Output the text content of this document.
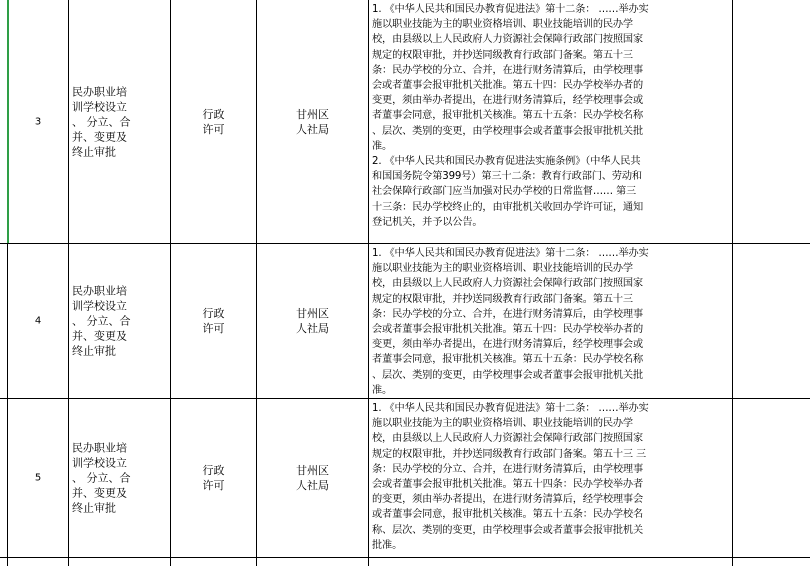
3
民办职业培
训学校设立
、 分立、合
并、变更及
终止审批
行政
许可
甘州区
人社局
1. 《中华人民共和国民办教育促进法》第十二条： ……举办实
施以职业技能为主的职业资格培训、职业技能培训的民办学
校，由县级以上人民政府人力资源社会保障行政部门按照国家
规定的权限审批，并抄送同级教育行政部门备案。第五十三
条：民办学校的分立、合并，在进行财务清算后，由学校理事
会或者董事会报审批机关批准。第五十四：民办学校举办者的
变更，须由举办者提出，在进行财务清算后，经学校理事会或
者董事会同意，报审批机关核准。第五十五条：民办学校名称
、层次、类别的变更，由学校理事会或者董事会报审批机关批
准。
2. 《中华人民共和国民办教育促进法实施条例》（中华人民共
和国国务院令第399号）第三十二条：教育行政部门、劳动和
社会保障行政部门应当加强对民办学校的日常监督…… 第三
十三条：民办学校终止的，由审批机关收回办学许可证，通知
登记机关，并予以公告。
4
民办职业培
训学校设立
、 分立、合
并、变更及
终止审批
行政
许可
甘州区
人社局
1. 《中华人民共和国民办教育促进法》第十二条： ……举办实
施以职业技能为主的职业资格培训、职业技能培训的民办学
校，由县级以上人民政府人力资源社会保障行政部门按照国家
规定的权限审批，并抄送同级教育行政部门备案。第五十三
条：民办学校的分立、合并，在进行财务清算后，由学校理事
会或者董事会报审批机关批准。第五十四：民办学校举办者的
变更，须由举办者提出，在进行财务清算后，经学校理事会或
者董事会同意，报审批机关核准。第五十五条：民办学校名称
、层次、类别的变更，由学校理事会或者董事会报审批机关批
准。
5
民办职业培
训学校设立
、 分立、合
并、变更及
终止审批
行政
许可
甘州区
人社局
1. 《中华人民共和国民办教育促进法》第十二条： ……举办实
施以职业技能为主的职业资格培训、职业技能培训的民办学
校，由县级以上人民政府人力资源社会保障行政部门按照国家
规定的权限审批，并抄送同级教育行政部门备案。第五十三 三
条：民办学校的分立、合并，在进行财务清算后，由学校理事
会或者董事会报审批机关批准。第五十四条：民办学校举办者
的变更，须由举办者提出，在进行财务清算后，经学校理事会
或者董事会同意，报审批机关核准。第五十五条：民办学校名
称、层次、类别的变更，由学校理事会或者董事会报审批机关
批准。
